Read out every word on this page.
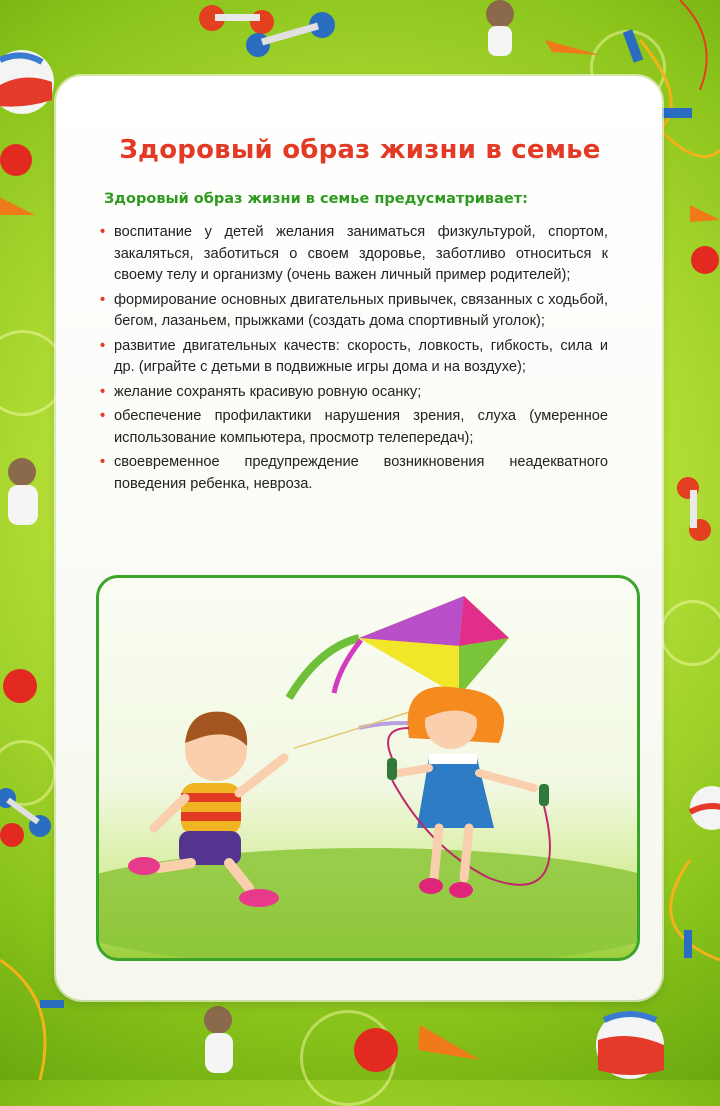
Здоровый образ жизни в семье
Здоровый образ жизни в семье предусматривает:
• воспитание у детей желания заниматься физкультурой, спортом, закаляться, заботиться о своем здоровье, заботливо относиться к своему телу и организму (очень важен личный пример родителей);
• формирование основных двигательных привычек, связанных с ходьбой, бегом, лазаньем, прыжками (создать дома спортивный уголок);
• развитие двигательных качеств: скорость, ловкость, гибкость, сила и др. (играйте с детьми в подвижные игры дома и на воздухе);
• желание сохранять красивую ровную осанку;
• обеспечение профилактики нарушения зрения, слуха (умеренное использование компьютера, просмотр телепередач);
• своевременное предупреждение возникновения неадекватного поведения ребенка, невроза.
